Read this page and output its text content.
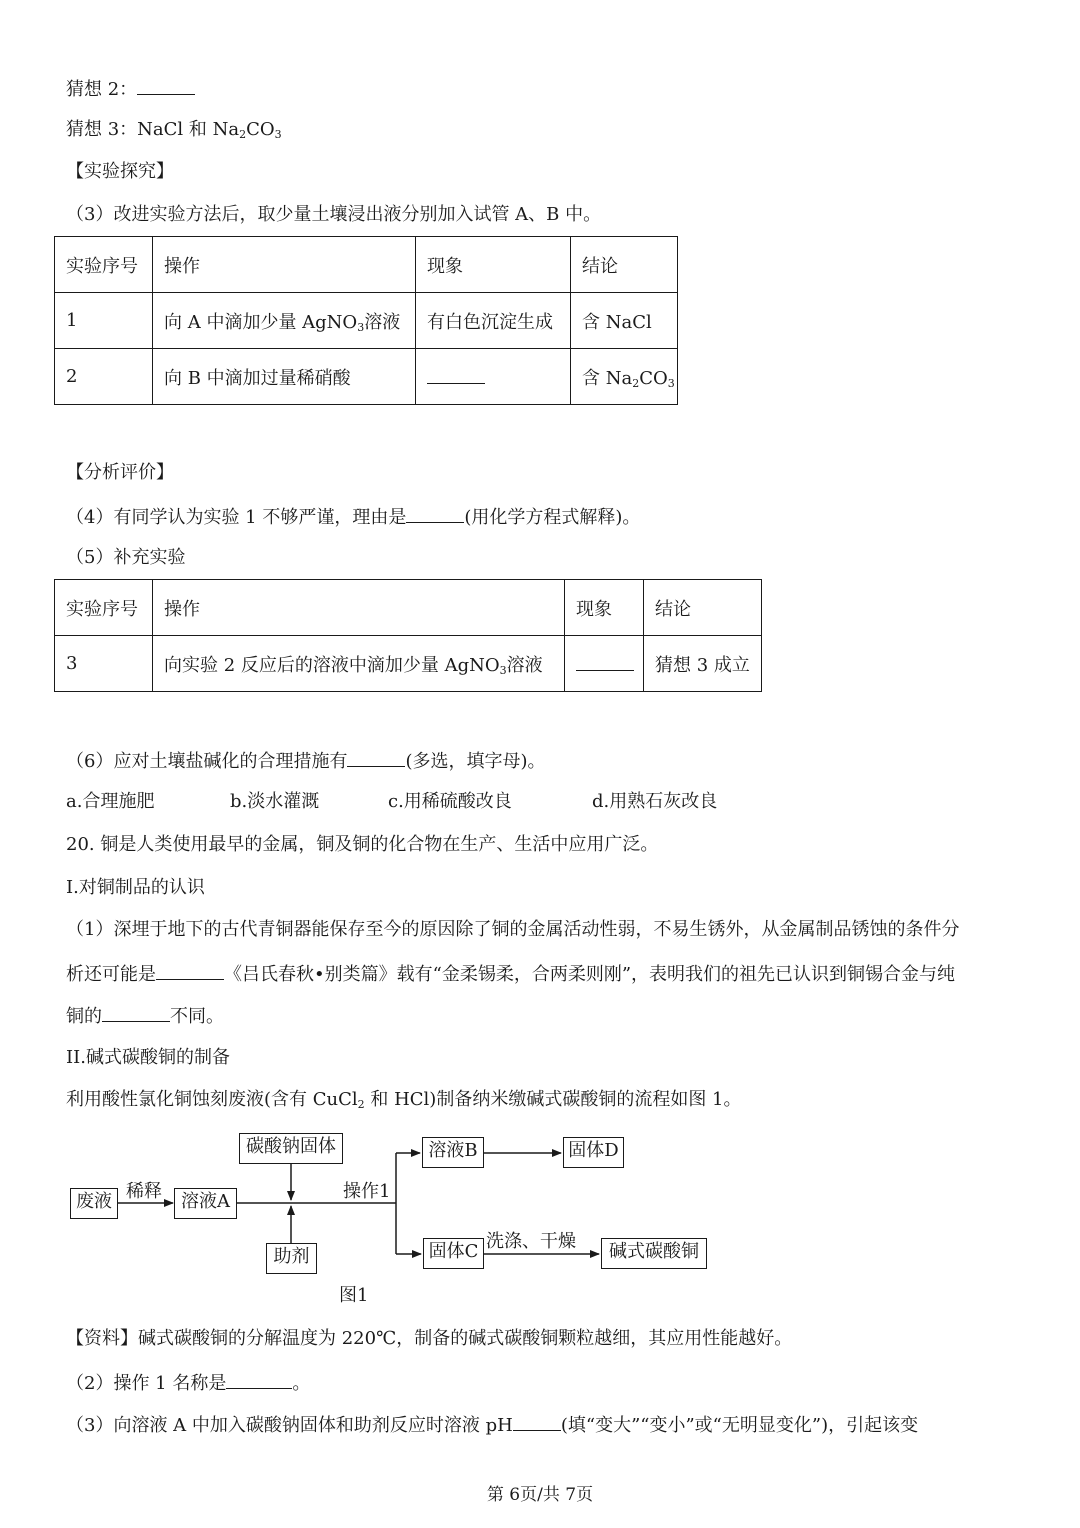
猜想 2：
猜想 3：NaCl 和 $Na_2CO_3$
【实验探究】
（3）改进实验方法后，取少量土壤浸出液分别加入试管 A、B 中。
实验序号	操作	现象	结论
1	向 A 中滴加少量 AgNO$_3$溶液	有白色沉淀生成	含 NaCl
2	向 B 中滴加过量稀硝酸		含 $Na_2CO_3$
【分析评价】
（4）有同学认为实验 1 不够严谨，理由是	(用化学方程式解释)。
（5）补充实验
实验序号	操作	现象	结论
3	向实验 2 反应后的溶液中滴加少量 AgNO$_3$溶液		猜想 3 成立
（6）应对土壤盐碱化的合理措施有	(多选，填字母)。
a.合理施肥	b.淡水灌溉	c.用稀硫酸改良	d.用熟石灰改良
20. 铜是人类使用最早的金属，铜及铜的化合物在生产、生活中应用广泛。
I.对铜制品的认识
（1）深埋于地下的古代青铜器能保存至今的原因除了铜的金属活动性弱，不易生锈外，从金属制品锈蚀的条件分
析还可能是	《吕氏春秋•别类篇》载有“金柔锡柔，合两柔则刚”，表明我们的祖先已认识到铜锡合金与纯
铜的	不同。
II.碱式碳酸铜的制备
利用酸性氯化铜蚀刻废液(含有 CuCl$_2$ 和 HCl)制备纳米缴碱式碳酸铜的流程如图 1。
废液 稀释	溶液A
碳酸钠固体
助剂
操作1
溶液B	固体D
固体C 洗涤、干燥	碱式碳酸铜
图1
【资料】碱式碳酸铜的分解温度为 220℃，制备的碱式碳酸铜颗粒越细，其应用性能越好。
（2）操作 1 名称是	。
（3）向溶液 A 中加入碳酸钠固体和助剂反应时溶液 pH	(填“变大”“变小”或“无明显变化”)，引起该变
第 6页/共 7页
